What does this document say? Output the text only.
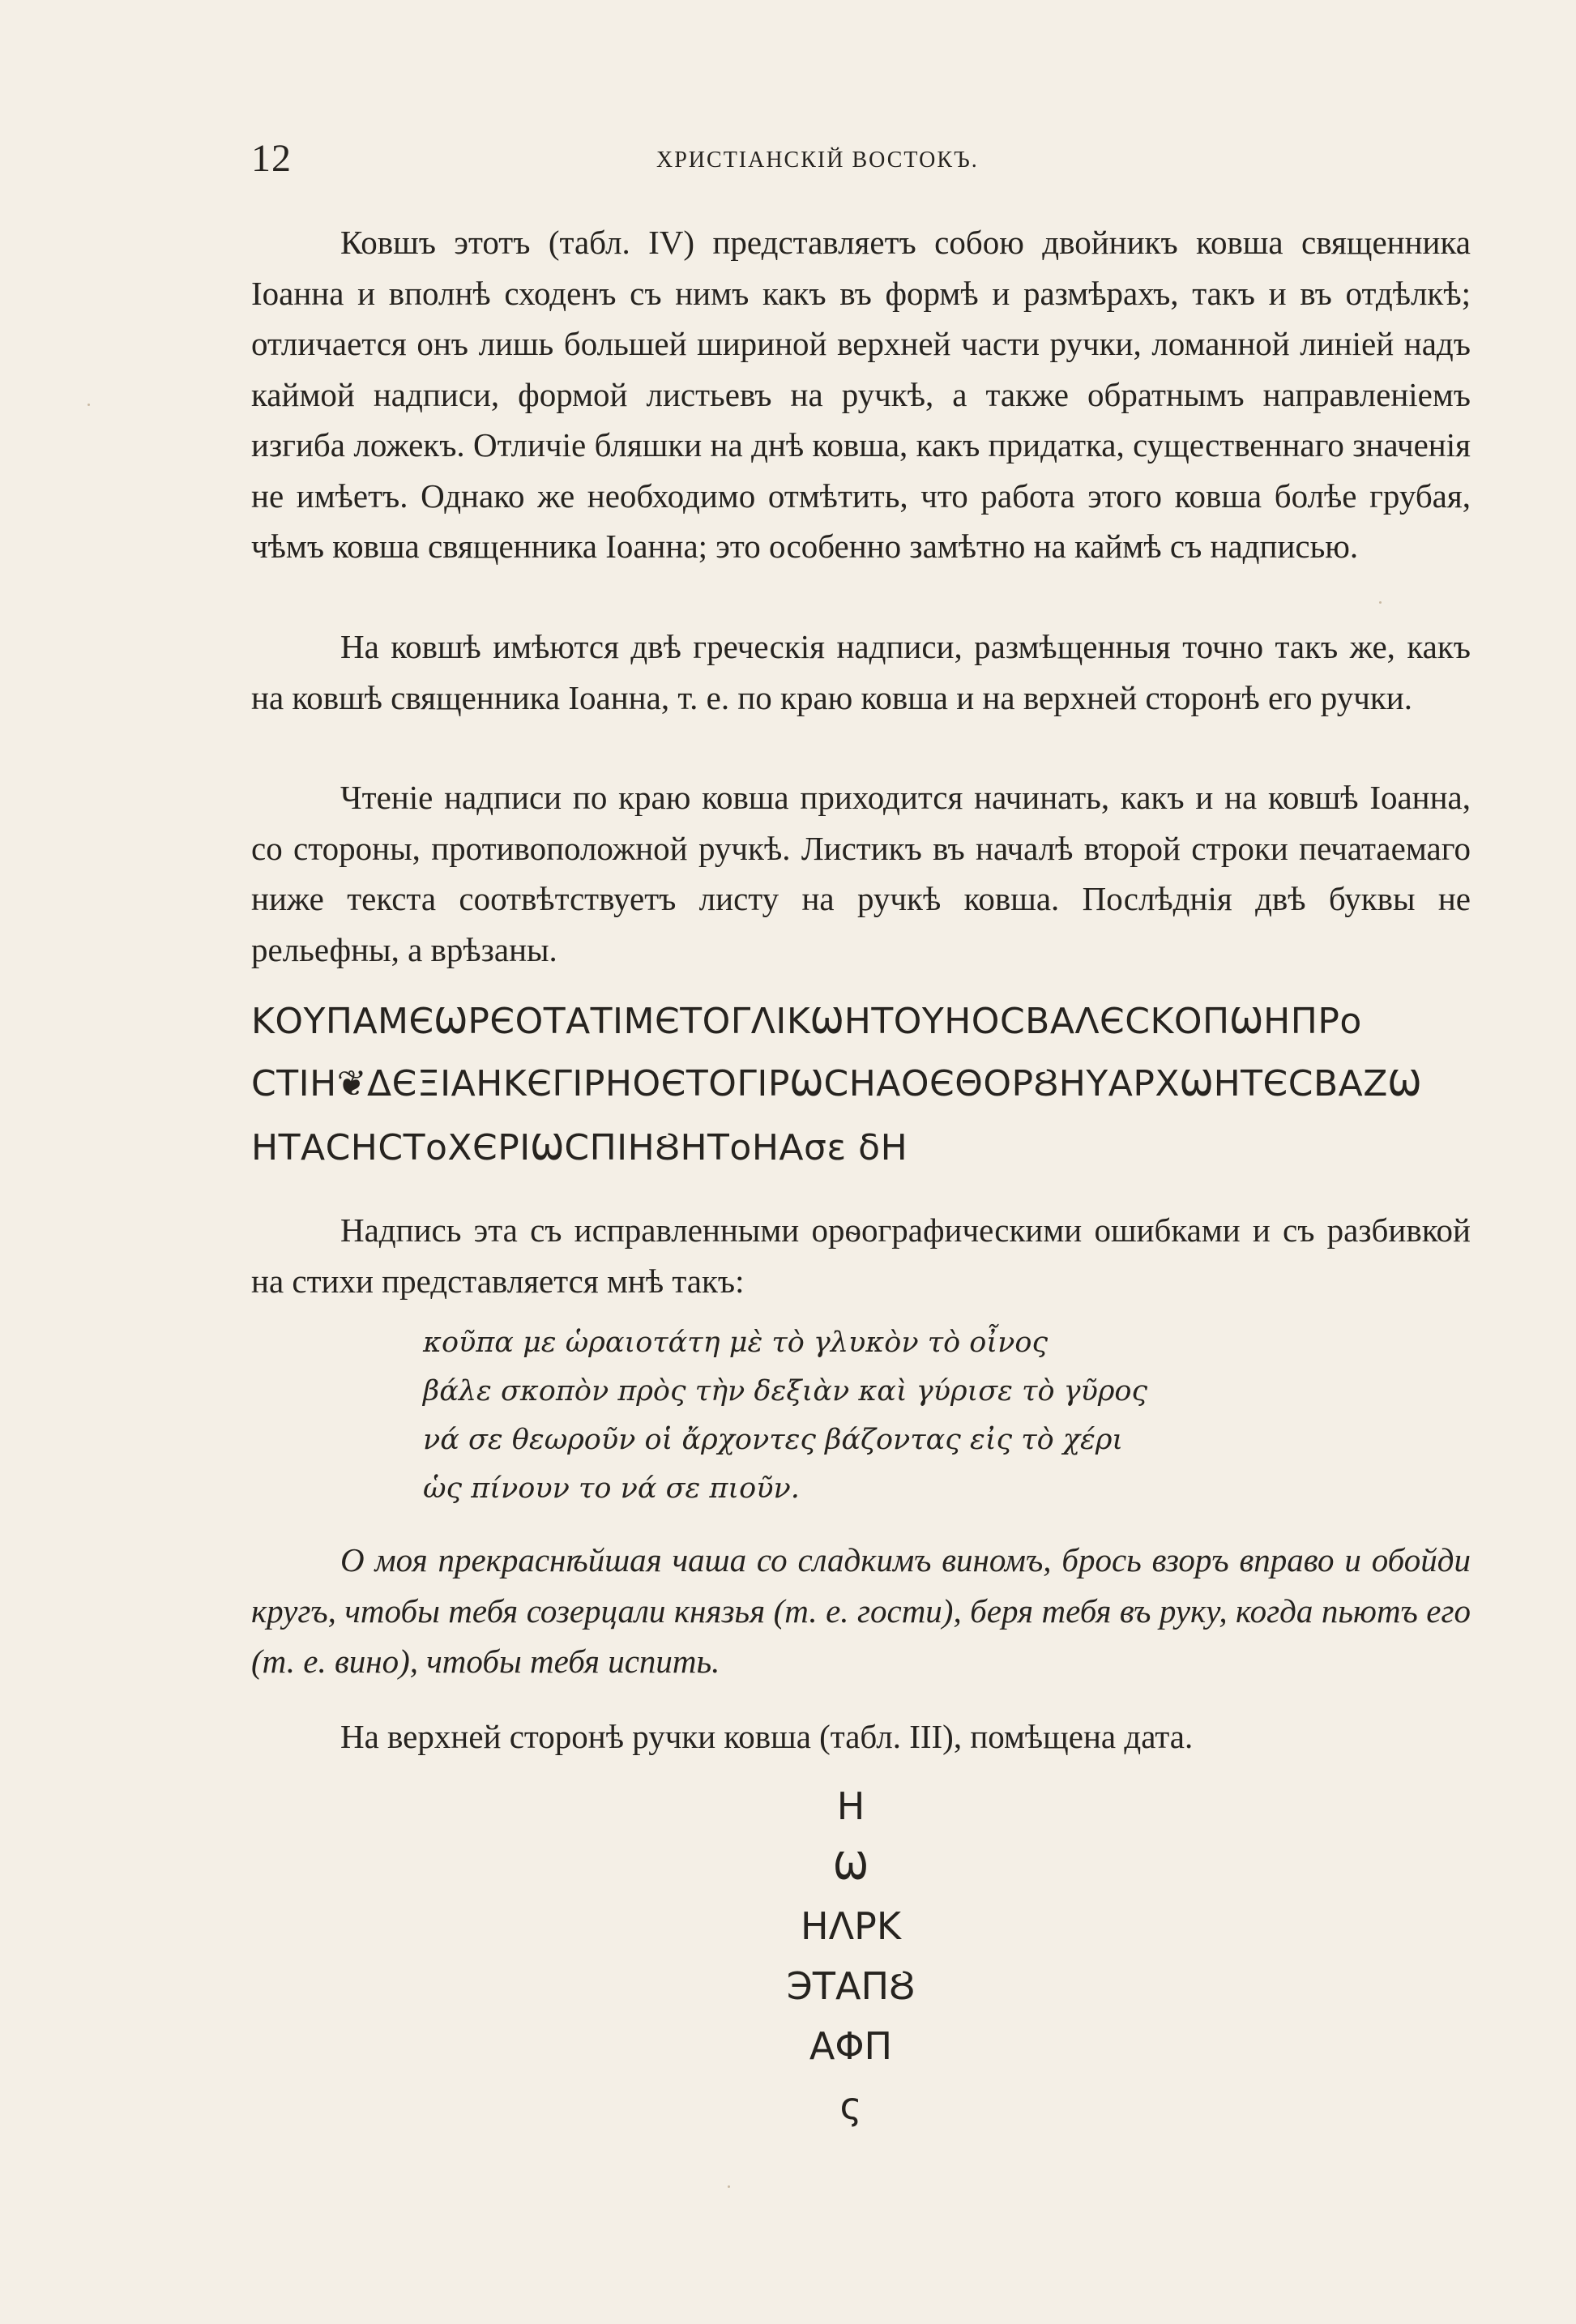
12	ХРИСТІАНСКІЙ ВОСТОКЪ.

Ковшъ этотъ (табл. IV) представляетъ собою двойникъ ковша священника Іоанна и вполнѣ сходенъ съ нимъ какъ въ формѣ и размѣрахъ, такъ и въ отдѣлкѣ; отличается онъ лишь большей шириной верхней части ручки, ломанной линіей надъ каймой надписи, формой листьевъ на ручкѣ, а также обратнымъ направленіемъ изгиба ложекъ. Отличіе бляшки на днѣ ковша, какъ придатка, существеннаго значенія не имѣетъ. Однако же необходимо отмѣтить, что работа этого ковша болѣе грубая, чѣмъ ковша священника Іоанна; это особенно замѣтно на каймѣ съ надписью.

На ковшѣ имѣются двѣ греческія надписи, размѣщенныя точно такъ же, какъ на ковшѣ священника Іоанна, т. е. по краю ковша и на верхней сторонѣ его ручки.

Чтеніе надписи по краю ковша приходится начинать, какъ и на ковшѣ Іоанна, со стороны, противоположной ручкѣ. Листикъ въ началѣ второй строки печатаемаго ниже текста соотвѣтствуетъ листу на ручкѣ ковша. Послѣднія двѣ буквы не рельефны, а врѣзаны.

ΚΟΥΠΑΜЄѠΡЄΟΤΑΤΙΜЄΤΟΓΛΙΚѠΗΤΟΥΗΟСΒΑΛЄСΚΟΠѠΗΠΡο
СΤΙΗ❦ΔЄΞΙΑΗΚЄΓΙΡΗΟЄΤΟΓΙΡѠСΗΑΟЄΘΟΡȢΗΥΑΡΧѠΗΤЄСΒΑΖѠ
ΗΤΑСΗСΤοΧЄΡΙѠСΠΙΗȢΗΤοΗΑσε δΗ

Надпись эта съ исправленными орѳографическими ошибками и съ разбивкой на стихи представляется мнѣ такъ:

κοῦπα με ὡραιοτάτη μὲ τὸ γλυκὸν τὸ οἶνος
βάλε σκοπὸν πρὸς τὴν δεξιὰν καὶ γύρισε τὸ γῦρος
νά σε θεωροῦν οἱ ἄρχοντες βάζοντας εἰς τὸ χέρι
ὡς πίνουν το νά σε πιοῦν.

О моя прекраснѣйшая чаша со сладкимъ виномъ, брось взоръ вправо и обойди кругъ, чтобы тебя созерцали князья (т. е. гости), беря тебя въ руку, когда пьютъ его (т. е. вино), чтобы тебя испить.

На верхней сторонѣ ручки ковша (табл. III), помѣщена дата.

Η
Ѡ
ΗΛΡΚ
ЭΤΑΠȢ
ΑΦΠ
ς
